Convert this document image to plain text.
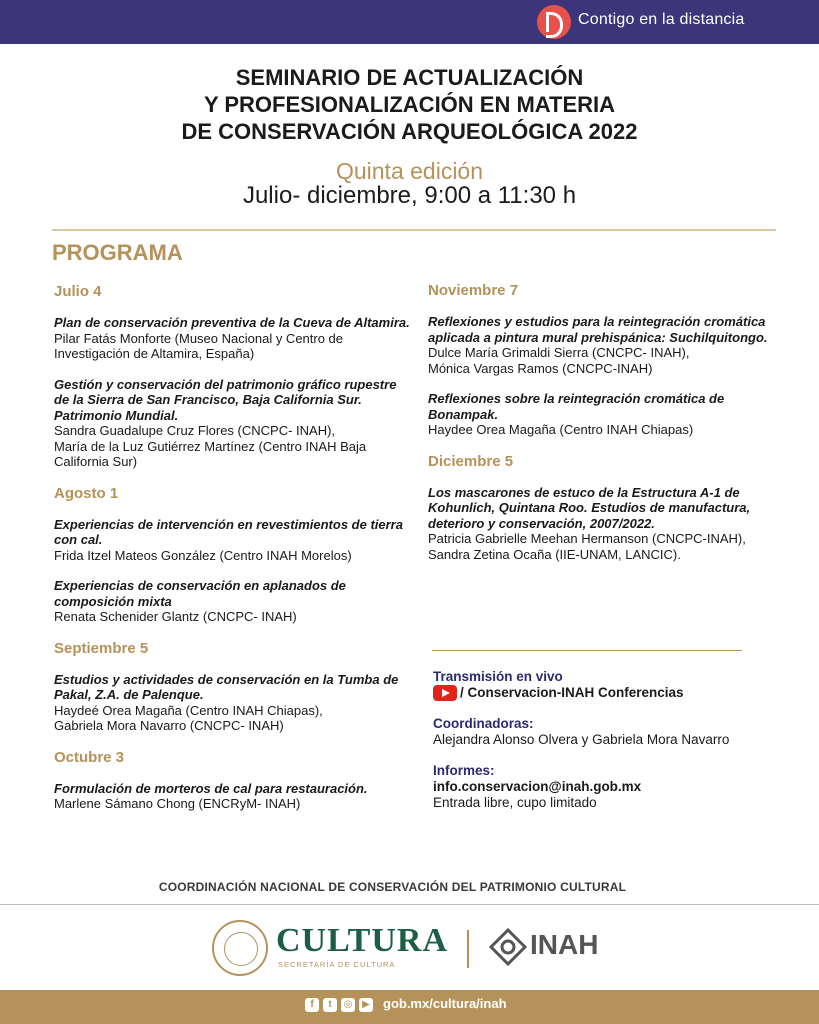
Contigo en la distancia
SEMINARIO DE ACTUALIZACIÓN
Y PROFESIONALIZACIÓN EN MATERIA
DE CONSERVACIÓN ARQUEOLÓGICA 2022
Quinta edición
Julio- diciembre, 9:00 a 11:30 h
PROGRAMA
Julio 4
Plan de conservación preventiva de la Cueva de Altamira.
Pilar Fatás Monforte (Museo Nacional y Centro de Investigación de Altamira, España)
Gestión y conservación del patrimonio gráfico rupestre de la Sierra de San Francisco, Baja California Sur. Patrimonio Mundial.
Sandra Guadalupe Cruz Flores (CNCPC- INAH),
María de la Luz Gutiérrez Martínez (Centro INAH Baja California Sur)
Agosto 1
Experiencias de intervención en revestimientos de tierra con cal.
Frida Itzel Mateos González (Centro INAH Morelos)
Experiencias de conservación en aplanados de composición mixta
Renata Schenider Glantz (CNCPC- INAH)
Septiembre 5
Estudios y actividades de conservación en la Tumba de Pakal, Z.A. de Palenque.
Haydeé Orea Magaña (Centro INAH Chiapas),
Gabriela Mora Navarro (CNCPC- INAH)
Octubre 3
Formulación de morteros de cal para restauración.
Marlene Sámano Chong (ENCRyM- INAH)
Noviembre 7
Reflexiones y estudios para la reintegración cromática aplicada a pintura mural prehispánica: Suchilquitongo.
Dulce María Grimaldi Sierra (CNCPC- INAH),
Mónica Vargas Ramos (CNCPC-INAH)
Reflexiones sobre la reintegración cromática de Bonampak.
Haydee Orea Magaña (Centro INAH Chiapas)
Diciembre 5
Los mascarones de estuco de la Estructura A-1 de Kohunlich, Quintana Roo. Estudios de manufactura, deterioro y conservación, 2007/2022.
Patricia Gabrielle Meehan Hermanson (CNCPC-INAH), Sandra Zetina Ocaña (IIE-UNAM, LANCIC).
Transmisión en vivo
/ Conservacion-INAH Conferencias
Coordinadoras:
Alejandra Alonso Olvera y Gabriela Mora Navarro
Informes:
info.conservacion@inah.gob.mx
Entrada libre, cupo limitado
COORDINACIÓN NACIONAL DE CONSERVACIÓN DEL PATRIMONIO CULTURAL
CULTURA
SECRETARÍA DE CULTURA
INAH
f	t	◎ ▶ gob.mx/cultura/inah
